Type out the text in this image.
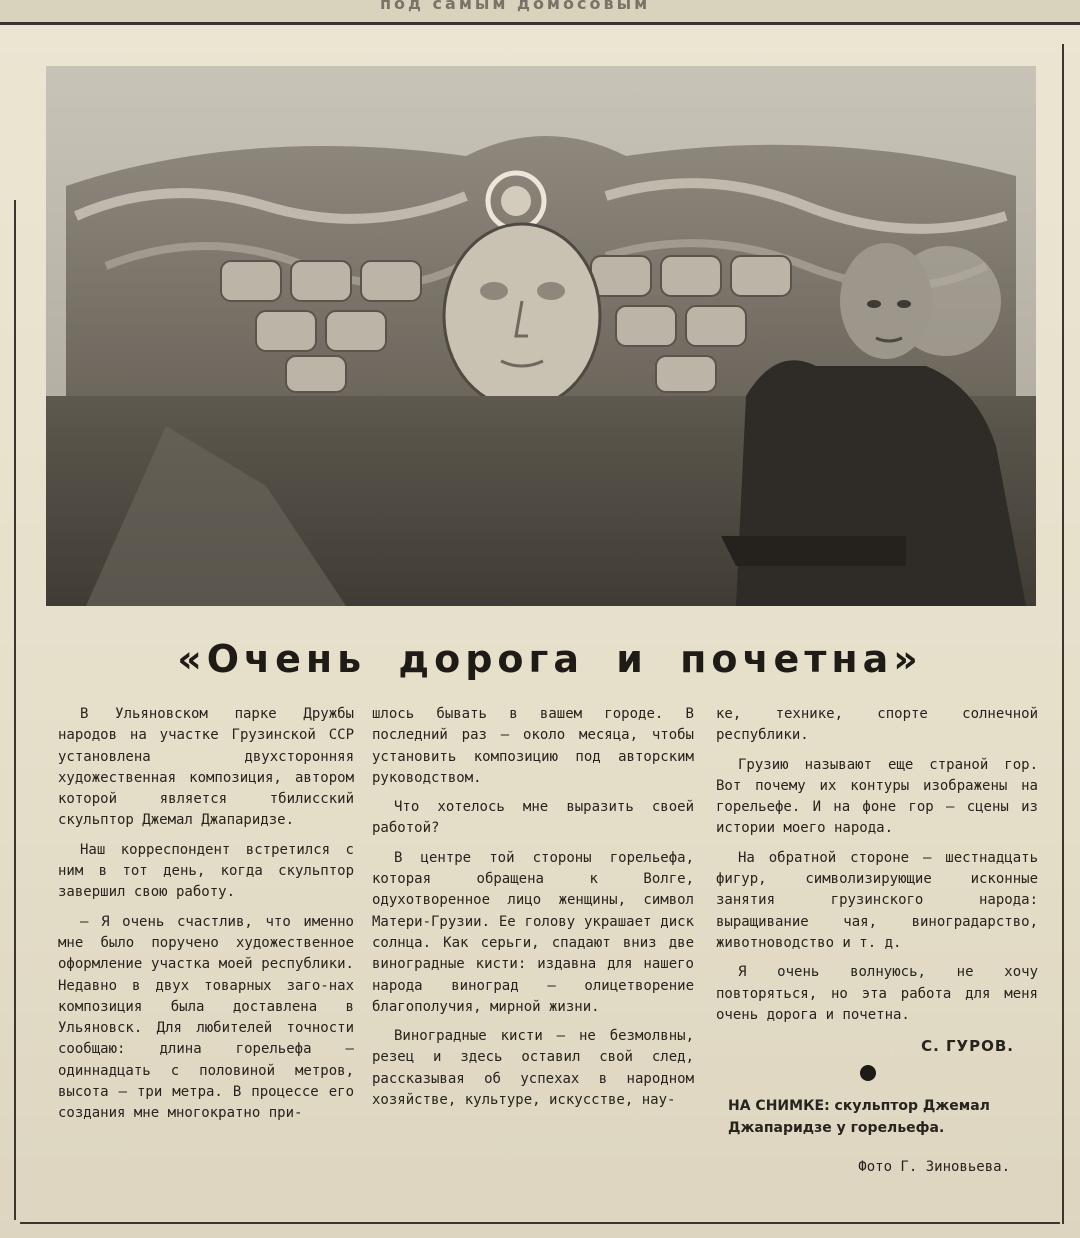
под самым домосовым
«Очень дорога и почетна»

В Ульяновском парке Дружбы народов на участке Грузинской ССР установлена двухсторонняя художественная композиция, автором которой является тбилисский скульптор Джемал Джапаридзе.

Наш корреспондент встретился с ним в тот день, когда скульптор завершил свою работу.

— Я очень счастлив, что именно мне было поручено художественное оформление участка моей республики. Недавно в двух товарных заго-нах композиция была доставлена в Ульяновск. Для любителей точности сообщаю: длина горельефа — одиннадцать с половиной метров, высота — три метра. В процессе его создания мне многократно при-

шлось бывать в вашем городе. В последний раз — около месяца, чтобы установить композицию под авторским руководством.

Что хотелось мне выразить своей работой?

В центре той стороны горельефа, которая обращена к Волге, одухотворенное лицо женщины, символ Матери-Грузии. Ее голову украшает диск солнца. Как серьги, спадают вниз две виноградные кисти: издавна для нашего народа виноград — олицетворение благополучия, мирной жизни.

Виноградные кисти — не безмолвны, резец и здесь оставил свой след, рассказывая об успехах в народном хозяйстве, культуре, искусстве, нау-

ке, технике, спорте солнечной республики.

Грузию называют еще страной гор. Вот почему их контуры изображены на горельефе. И на фоне гор — сцены из истории моего народа.

На обратной стороне — шестнадцать фигур, символизирующие исконные занятия грузинского народа: выращивание чая, виноградарство, животноводство и т. д.

Я очень волнуюсь, не хочу повторяться, но эта работа для меня очень дорога и почетна.

С. ГУРОВ.
НА СНИМКЕ: скульптор Джемал Джапаридзе у горельефа.
Фото Г. Зиновьева.
